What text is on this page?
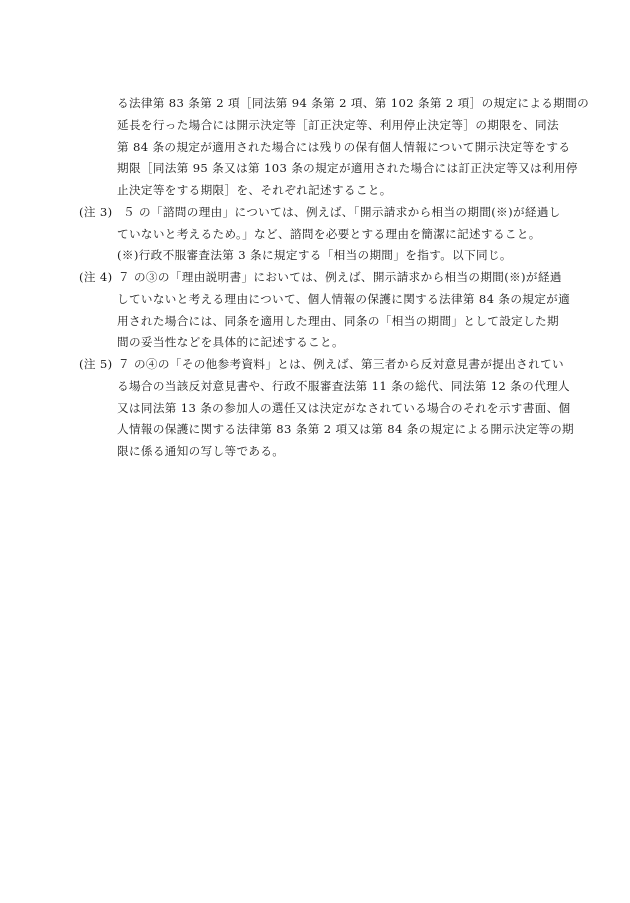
る法律第 83 条第 2 項［同法第 94 条第 2 項、第 102 条第 2 項］の規定による期間の
延長を行った場合には開示決定等［訂正決定等、利用停止決定等］の期限を、同法
第 84 条の規定が適用された場合には残りの保有個人情報について開示決定等をする
期限［同法第 95 条又は第 103 条の規定が適用された場合には訂正決定等又は利用停
止決定等をする期限］を、それぞれ記述すること。
(注 3) ５ の「諮問の理由」については、例えば、「開示請求から相当の期間(※)が経過し
ていないと考えるため。」など、諮問を必要とする理由を簡潔に記述すること。
(※)行政不服審査法第 3 条に規定する「相当の期間」を指す。以下同じ。
(注 4) ７ の③の「理由説明書」においては、例えば、開示請求から相当の期間(※)が経過
していないと考える理由について、個人情報の保護に関する法律第 84 条の規定が適
用された場合には、同条を適用した理由、同条の「相当の期間」として設定した期
間の妥当性などを具体的に記述すること。
(注 5) ７ の④の「その他参考資料」とは、例えば、第三者から反対意見書が提出されてい
る場合の当該反対意見書や、行政不服審査法第 11 条の総代、同法第 12 条の代理人
又は同法第 13 条の参加人の選任又は決定がなされている場合のそれを示す書面、個
人情報の保護に関する法律第 83 条第 2 項又は第 84 条の規定による開示決定等の期
限に係る通知の写し等である。
